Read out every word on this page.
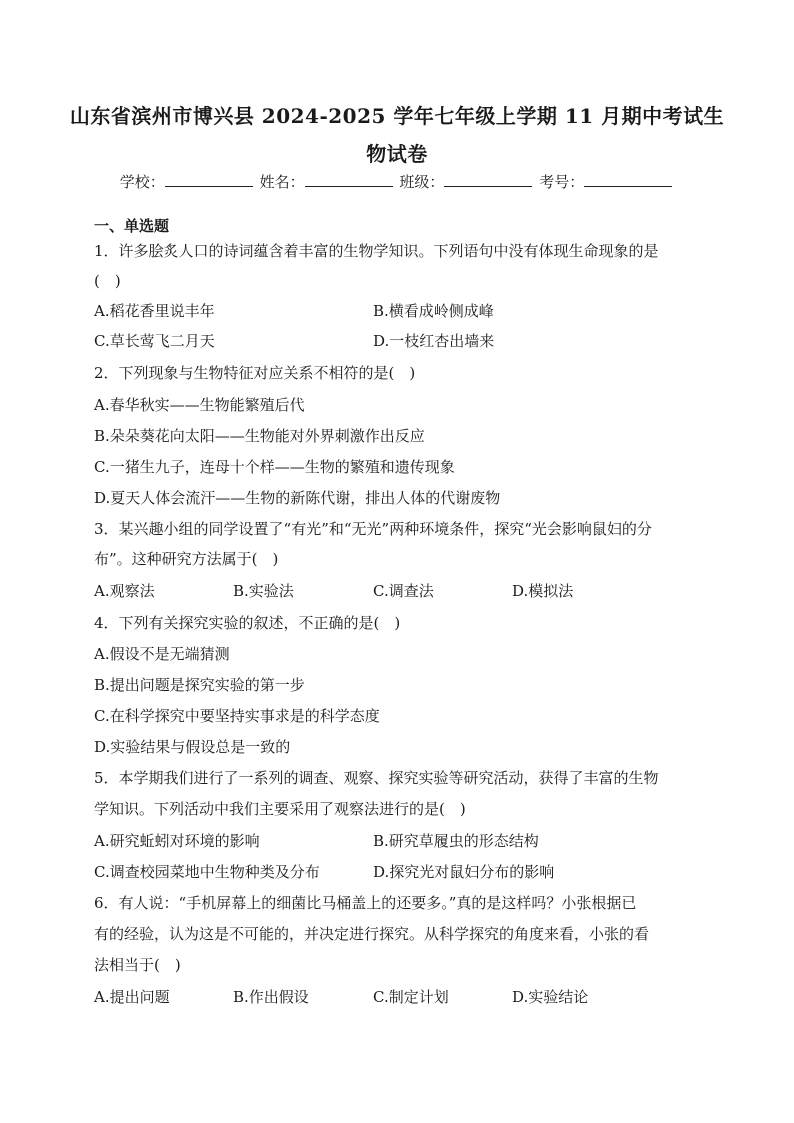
山东省滨州市博兴县 2024-2025 学年七年级上学期 11 月期中考试生
物试卷
学校：	姓名：	班级：	考号：
一、单选题
1．许多脍炙人口的诗词蕴含着丰富的生物学知识。下列语句中没有体现生命现象的是
(　)
A.稻花香里说丰年	B.横看成岭侧成峰
C.草长莺飞二月天	D.一枝红杏出墙来
2．下列现象与生物特征对应关系不相符的是(　)
A.春华秋实——生物能繁殖后代
B.朵朵葵花向太阳——生物能对外界刺激作出反应
C.一猪生九子，连母十个样——生物的繁殖和遗传现象
D.夏天人体会流汗——生物的新陈代谢，排出人体的代谢废物
3．某兴趣小组的同学设置了“有光”和“无光”两种环境条件，探究“光会影响鼠妇的分
布”。这种研究方法属于(　)
A.观察法	B.实验法	C.调查法	D.模拟法
4．下列有关探究实验的叙述，不正确的是(　)
A.假设不是无端猜测
B.提出问题是探究实验的第一步
C.在科学探究中要坚持实事求是的科学态度
D.实验结果与假设总是一致的
5．本学期我们进行了一系列的调查、观察、探究实验等研究活动，获得了丰富的生物
学知识。下列活动中我们主要采用了观察法进行的是(　)
A.研究蚯蚓对环境的影响	B.研究草履虫的形态结构
C.调查校园菜地中生物种类及分布	D.探究光对鼠妇分布的影响
6．有人说：“手机屏幕上的细菌比马桶盖上的还要多。”真的是这样吗？小张根据已
有的经验，认为这是不可能的，并决定进行探究。从科学探究的角度来看，小张的看
法相当于(　)
A.提出问题	B.作出假设	C.制定计划	D.实验结论
